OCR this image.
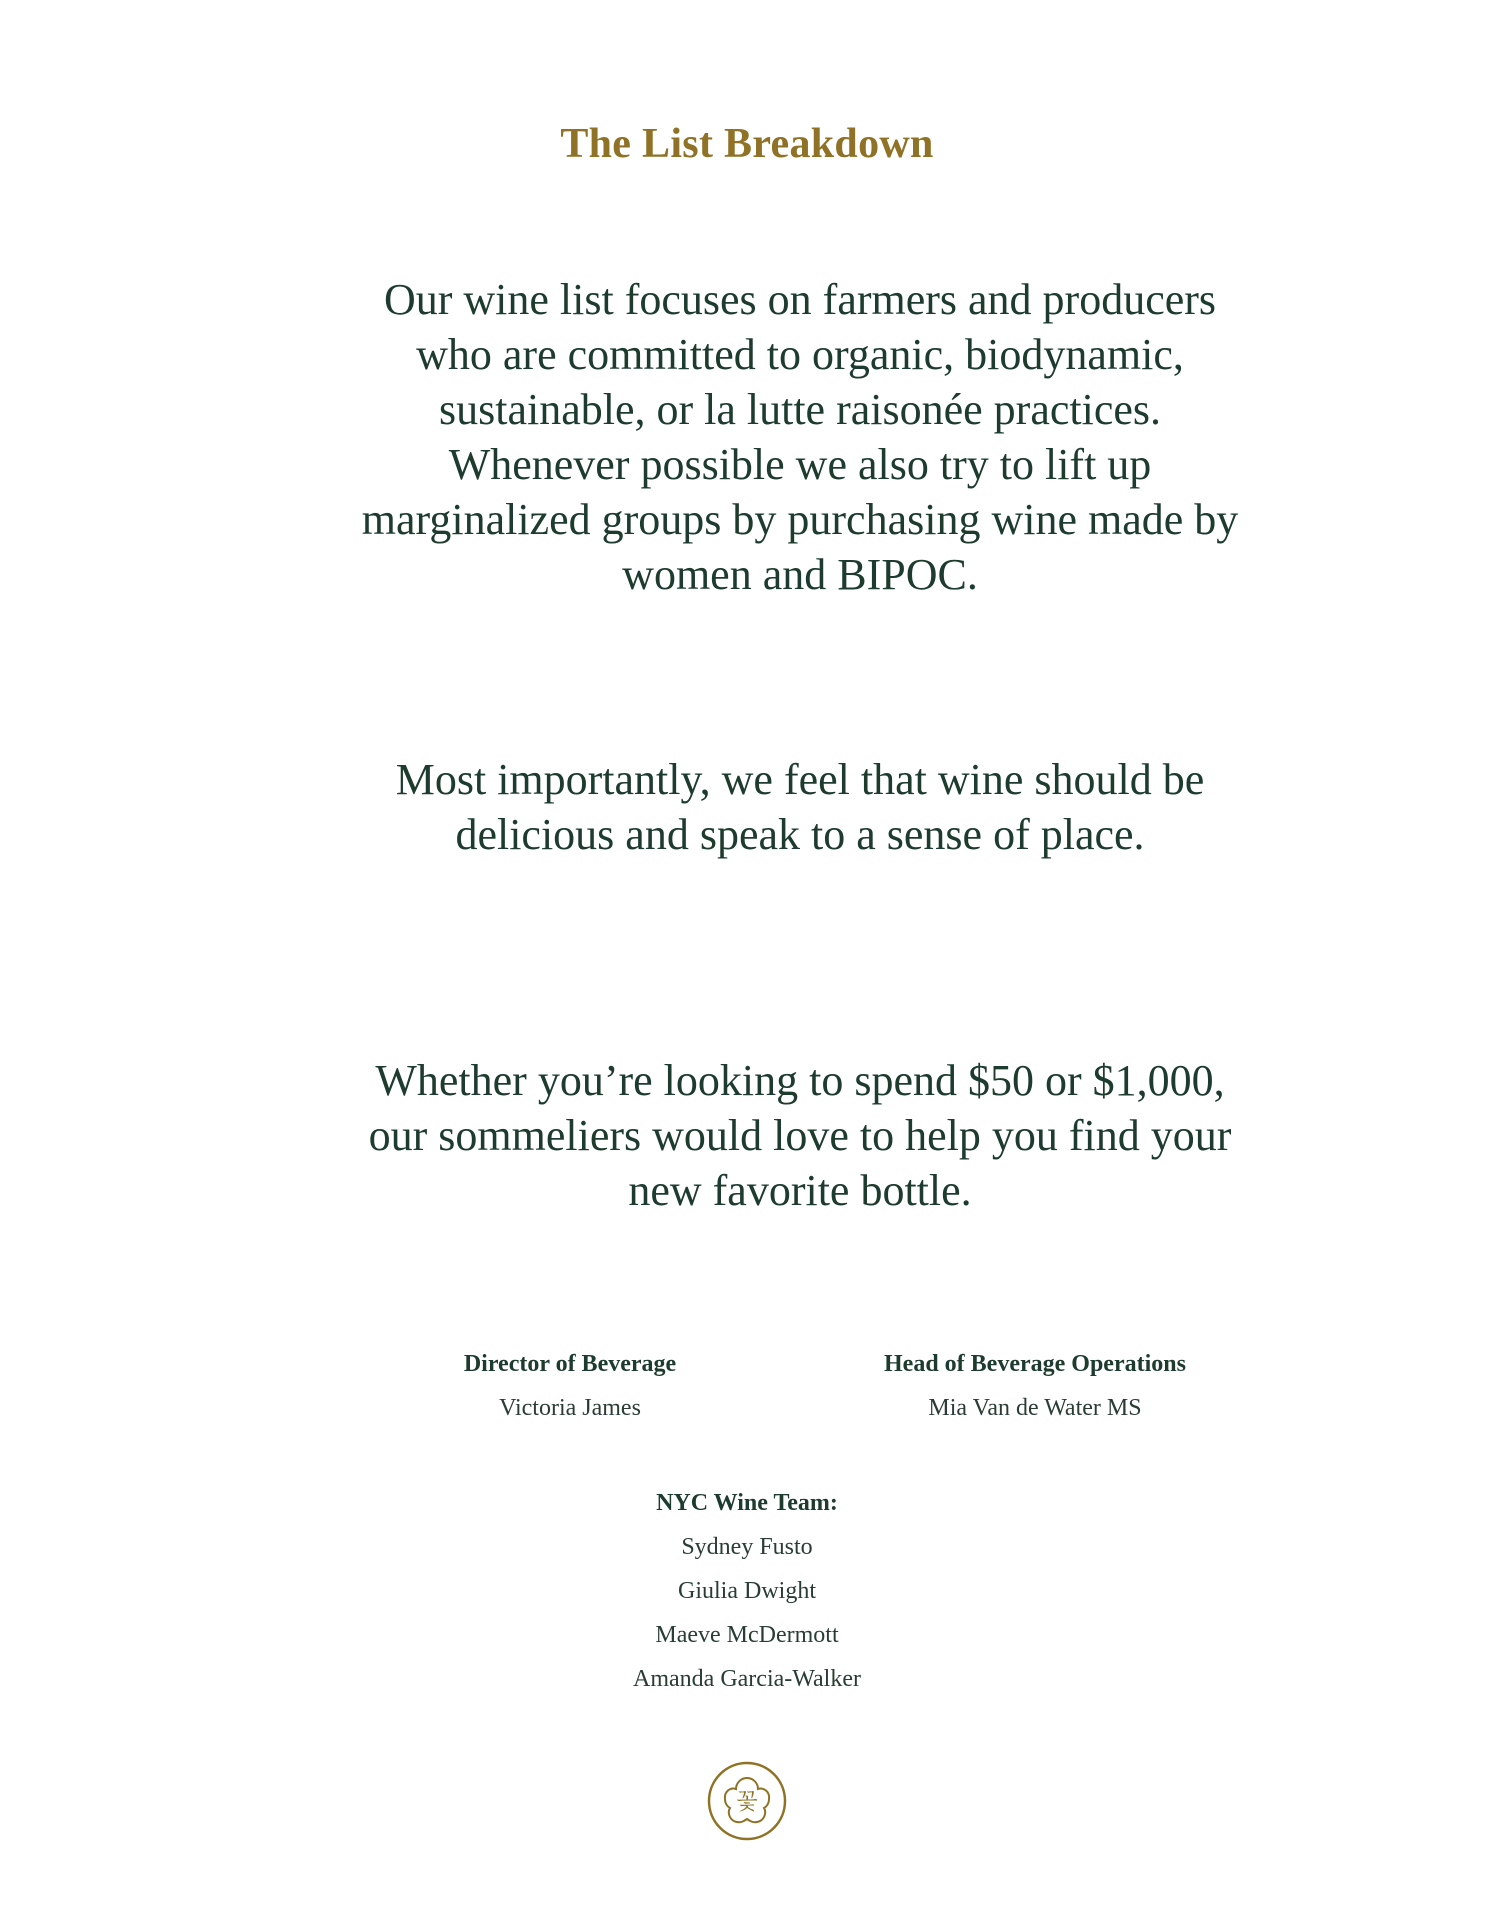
The List Breakdown

Our wine list focuses on farmers and producers who are committed to organic, biodynamic, sustainable, or la lutte raisonée practices. Whenever possible we also try to lift up marginalized groups by purchasing wine made by women and BIPOC.

Most importantly, we feel that wine should be delicious and speak to a sense of place.

Whether you’re looking to spend $50 or $1,000, our sommeliers would love to help you find your new favorite bottle.

Director of Beverage

Victoria James

Head of Beverage Operations

Mia Van de Water MS

NYC Wine Team:

Sydney Fusto
Giulia Dwight
Maeve McDermott
Amanda Garcia-Walker
꽃
